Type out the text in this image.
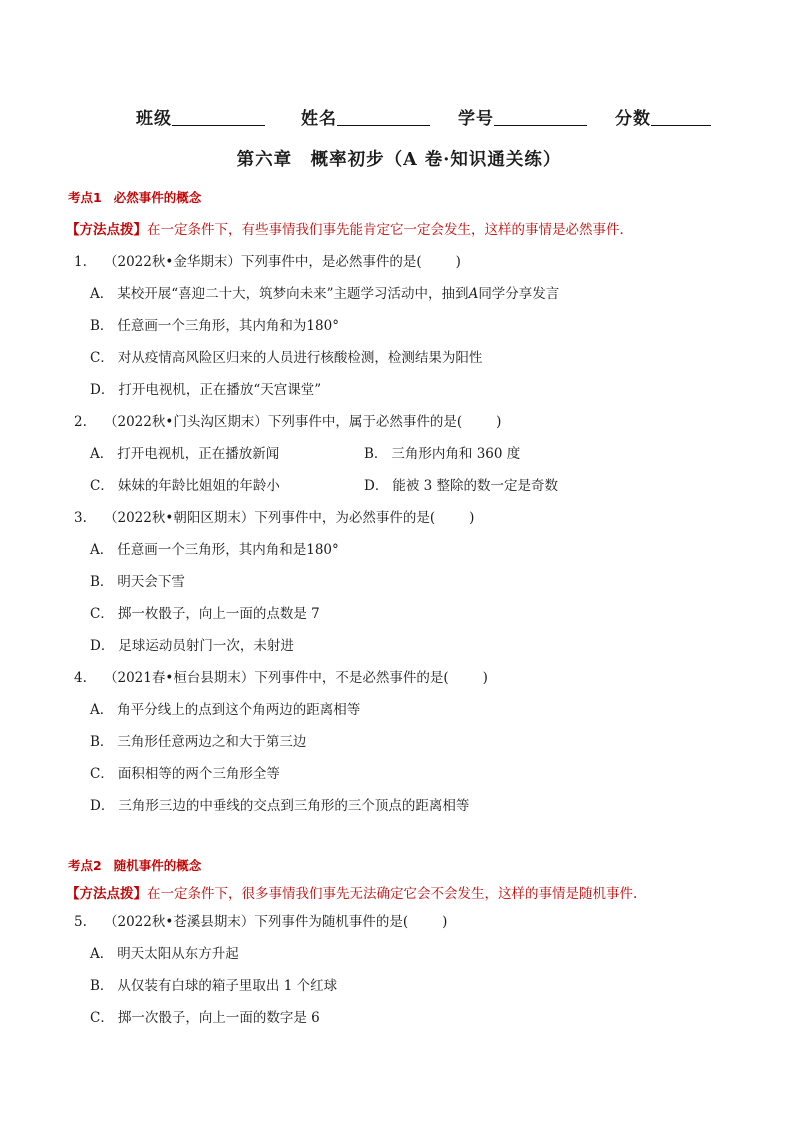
班级	姓名	学号	分数
第六章　概率初步（A 卷·知识通关练）
考点1 必然事件的概念
【方法点拨】在一定条件下，有些事情我们事先能肯定它一定会发生，这样的事情是必然事件．
1. （2022秋•金华期末）下列事件中，是必然事件的是(	)
A． 某校开展“喜迎二十大，筑梦向未来”主题学习活动中，抽到A同学分享发言
B． 任意画一个三角形，其内角和为180°
C． 对从疫情高风险区归来的人员进行核酸检测，检测结果为阳性
D． 打开电视机，正在播放“天宫课堂”
2. （2022秋•门头沟区期末）下列事件中，属于必然事件的是(	)
A． 打开电视机，正在播放新闻	B． 三角形内角和 360 度
C． 妹妹的年龄比姐姐的年龄小	D． 能被 3 整除的数一定是奇数
3. （2022秋•朝阳区期末）下列事件中，为必然事件的是(	)
A． 任意画一个三角形，其内角和是180°
B． 明天会下雪
C． 掷一枚骰子，向上一面的点数是 7
D． 足球运动员射门一次，未射进
4. （2021春•桓台县期末）下列事件中，不是必然事件的是(	)
A． 角平分线上的点到这个角两边的距离相等
B． 三角形任意两边之和大于第三边
C． 面积相等的两个三角形全等
D． 三角形三边的中垂线的交点到三角形的三个顶点的距离相等
考点2 随机事件的概念
【方法点拨】在一定条件下，很多事情我们事先无法确定它会不会发生，这样的事情是随机事件.
5. （2022秋•苍溪县期末）下列事件为随机事件的是(	)
A． 明天太阳从东方升起
B． 从仅装有白球的箱子里取出 1 个红球
C． 掷一次骰子，向上一面的数字是 6
